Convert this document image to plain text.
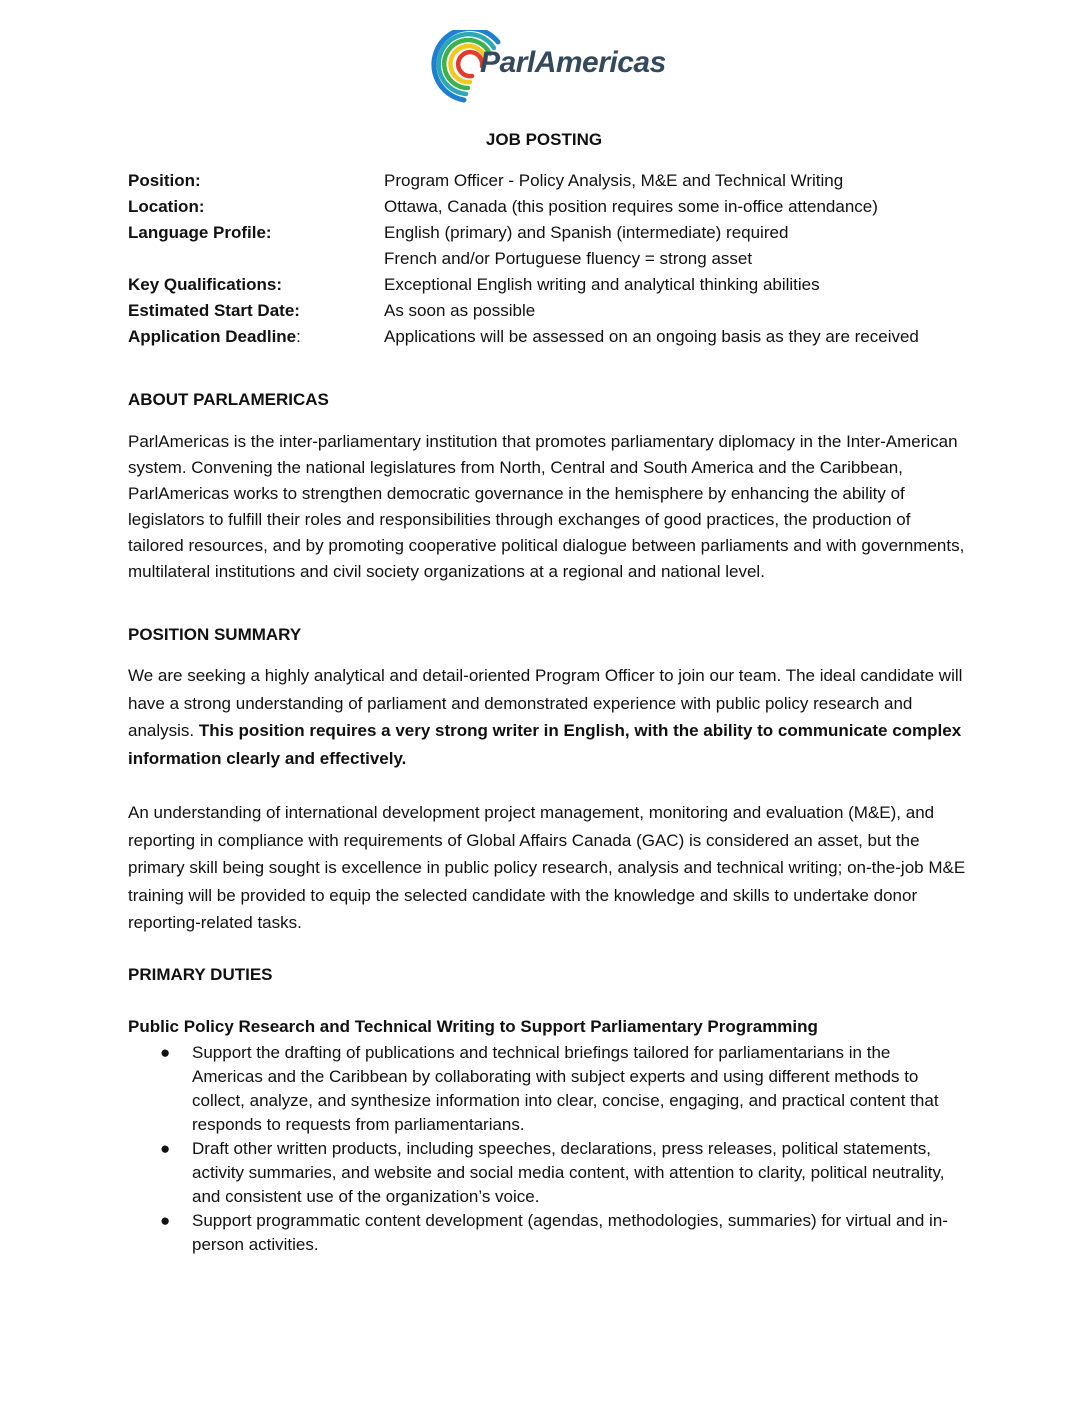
ParlAmericas
JOB POSTING
Position:	Program Officer - Policy Analysis, M&E and Technical Writing
Location:	Ottawa, Canada (this position requires some in-office attendance)
Language Profile:	English (primary) and Spanish (intermediate) required
French and/or Portuguese fluency = strong asset
Key Qualifications:	Exceptional English writing and analytical thinking abilities
Estimated Start Date:	As soon as possible
Application Deadline:	Applications will be assessed on an ongoing basis as they are received
ABOUT PARLAMERICAS

ParlAmericas is the inter-parliamentary institution that promotes parliamentary diplomacy in the Inter-American system. Convening the national legislatures from North, Central and South America and the Caribbean, ParlAmericas works to strengthen democratic governance in the hemisphere by enhancing the ability of legislators to fulfill their roles and responsibilities through exchanges of good practices, the production of tailored resources, and by promoting cooperative political dialogue between parliaments and with governments, multilateral institutions and civil society organizations at a regional and national level.

POSITION SUMMARY

We are seeking a highly analytical and detail-oriented Program Officer to join our team. The ideal candidate will have a strong understanding of parliament and demonstrated experience with public policy research and analysis. This position requires a very strong writer in English, with the ability to communicate complex information clearly and effectively.

An understanding of international development project management, monitoring and evaluation (M&E), and reporting in compliance with requirements of Global Affairs Canada (GAC) is considered an asset, but the primary skill being sought is excellence in public policy research, analysis and technical writing; on-the-job M&E training will be provided to equip the selected candidate with the knowledge and skills to undertake donor reporting-related tasks.

PRIMARY DUTIES
Public Policy Research and Technical Writing to Support Parliamentary Programming
●	Support the drafting of publications and technical briefings tailored for parliamentarians in the Americas and the Caribbean by collaborating with subject experts and using different methods to collect, analyze, and synthesize information into clear, concise, engaging, and practical content that responds to requests from parliamentarians.
●	Draft other written products, including speeches, declarations, press releases, political statements, activity summaries, and website and social media content, with attention to clarity, political neutrality, and consistent use of the organization’s voice.
●	Support programmatic content development (agendas, methodologies, summaries) for virtual and in-person activities.
